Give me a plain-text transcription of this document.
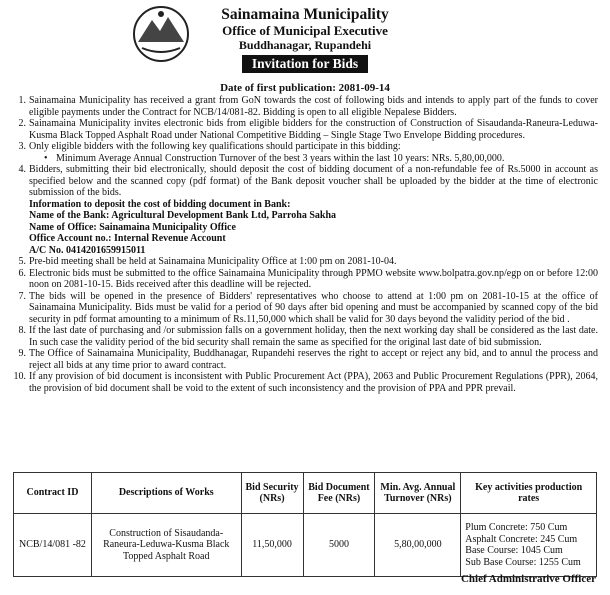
Sainamaina Municipality
Office of Municipal Executive
Buddhanagar, Rupandehi
Invitation for Bids
Date of first publication: 2081-09-14
1. Sainamaina Municipality has received a grant from GoN towards the cost of following bids and intends to apply part of the funds to cover eligible payments under the Contract for NCB/14/081-82. Bidding is open to all eligible Nepalese Bidders.
2. Sainamaina Municipality invites electronic bids from eligible bidders for the construction of Construction of Sisaudanda-Raneura-Leduwa-Kusma Black Topped Asphalt Road under National Competitive Bidding – Single Stage Two Envelope Bidding procedures.
3. Only eligible bidders with the following key qualifications should participate in this bidding:
• Minimum Average Annual Construction Turnover of the best 3 years within the last 10 years: NRs. 5,80,00,000.
4. Bidders, submitting their bid electronically, should deposit the cost of bidding document of a non-refundable fee of Rs.5000 in account as specified below and the scanned copy (pdf format) of the Bank deposit voucher shall be uploaded by the bidder at the time of electronic submission of the bids.
Information to deposit the cost of bidding document in Bank:
Name of the Bank: Agricultural Development Bank Ltd, Parroha Sakha
Name of Office: Sainamaina Municipality Office
Office Account no.: Internal Revenue Account
A/C No. 0414201659915011
5. Pre-bid meeting shall be held at Sainamaina Municipality Office at 1:00 pm on 2081-10-04.
6. Electronic bids must be submitted to the office Sainamaina Municipality through PPMO website www.bolpatra.gov.np/egp on or before 12:00 noon on 2081-10-15. Bids received after this deadline will be rejected.
7. The bids will be opened in the presence of Bidders' representatives who choose to attend at 1:00 pm on 2081-10-15 at the office of Sainamaina Municipality. Bids must be valid for a period of 90 days after bid opening and must be accompanied by scanned copy of the bid security in pdf format amounting to a minimum of Rs.11,50,000 which shall be valid for 30 days beyond the validity period of the bid .
8. If the last date of purchasing and /or submission falls on a government holiday, then the next working day shall be considered as the last date. In such case the validity period of the bid security shall remain the same as specified for the original last date of bid submission.
9. The Office of Sainamaina Municipality, Buddhanagar, Rupandehi reserves the right to accept or reject any bid, and to annul the process and reject all bids at any time prior to award contract.
10. If any provision of bid document is inconsistent with Public Procurement Act (PPA), 2063 and Public Procurement Regulations (PPR), 2064, the provision of bid document shall be void to the extent of such inconsistency and the provision of PPA and PPR prevail.
Contract ID	Descriptions of Works	Bid Security (NRs)	Bid Document Fee (NRs)	Min. Avg. Annual Turnover (NRs)	Key activities production rates
NCB/14/081 -82	Construction of Sisaudanda-Raneura-Leduwa-Kusma Black Topped Asphalt Road	11,50,000	5000	5,80,00,000	Plum Concrete: 750 Cum
Asphalt Concrete: 245 Cum
Base Course: 1045 Cum
Sub Base Course: 1255 Cum
Chief Administrative Officer
